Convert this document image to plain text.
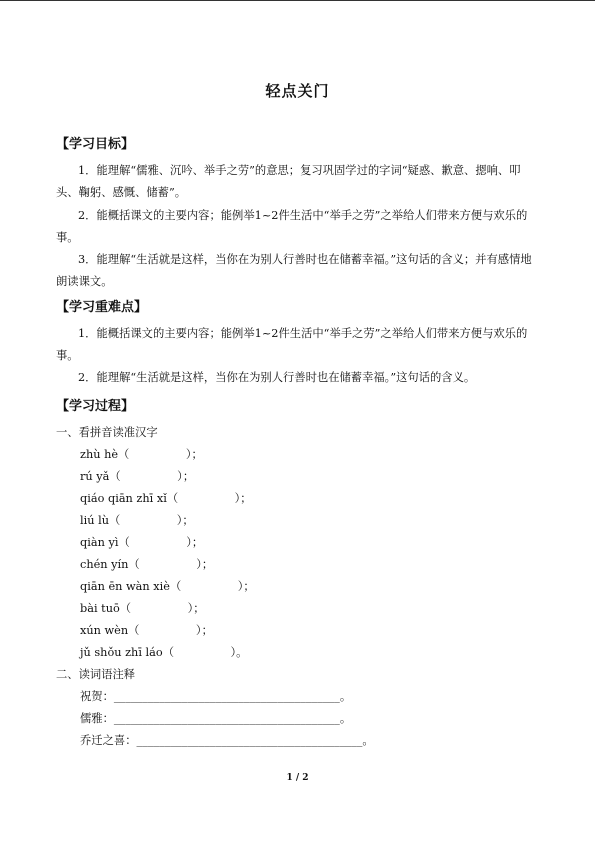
轻点关门
【学习目标】

1．能理解“儒雅、沉吟、举手之劳”的意思；复习巩固学过的字词“疑惑、歉意、摁响、叩头、鞠躬、感慨、储蓄”。

2．能概括课文的主要内容；能例举1~2件生活中“举手之劳”之举给人们带来方便与欢乐的事。

3．能理解“生活就是这样，当你在为别人行善时也在储蓄幸福。”这句话的含义；并有感情地朗读课文。

【学习重难点】

1．能概括课文的主要内容；能例举1~2件生活中“举手之劳”之举给人们带来方便与欢乐的事。

2．能理解“生活就是这样，当你在为别人行善时也在储蓄幸福。”这句话的含义。

【学习过程】
一、看拼音读准汉字
zhù hè（　　　　　）；
rú yǎ（　　　　　）；
qiáo qiān zhī xǐ（　　　　　）；
liú lù（　　　　　）；
qiàn yì（　　　　　）；
chén yín（　　　　　）；
qiān ēn wàn xiè（　　　　　）；
bài tuō（　　　　　）；
xún wèn（　　　　　）；
jǔ shǒu zhī láo（　　　　　）。
二、读词语注释
祝贺：________________________________________。
儒雅：________________________________________。
乔迁之喜：________________________________________。
1 / 2
